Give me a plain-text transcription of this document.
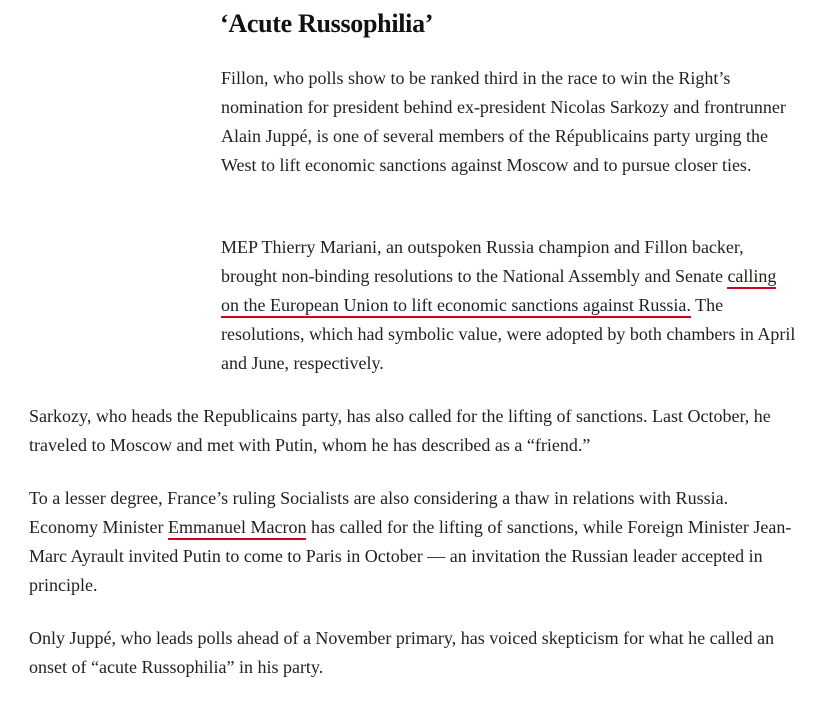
‘Acute Russophilia’

Fillon, who polls show to be ranked third in the race to win the Right’s nomination for president behind ex-president Nicolas Sarkozy and frontrunner Alain Juppé, is one of several members of the Républicains party urging the West to lift economic sanctions against Moscow and to pursue closer ties.

MEP Thierry Mariani, an outspoken Russia champion and Fillon backer, brought non-binding resolutions to the National Assembly and Senate calling on the European Union to lift economic sanctions against Russia. The resolutions, which had symbolic value, were adopted by both chambers in April and June, respectively.

Sarkozy, who heads the Republicains party, has also called for the lifting of sanctions. Last October, he traveled to Moscow and met with Putin, whom he has described as a “friend.”

To a lesser degree, France’s ruling Socialists are also considering a thaw in relations with Russia. Economy Minister Emmanuel Macron has called for the lifting of sanctions, while Foreign Minister Jean-Marc Ayrault invited Putin to come to Paris in October — an invitation the Russian leader accepted in principle.

Only Juppé, who leads polls ahead of a November primary, has voiced skepticism for what he called an onset of “acute Russophilia” in his party.
